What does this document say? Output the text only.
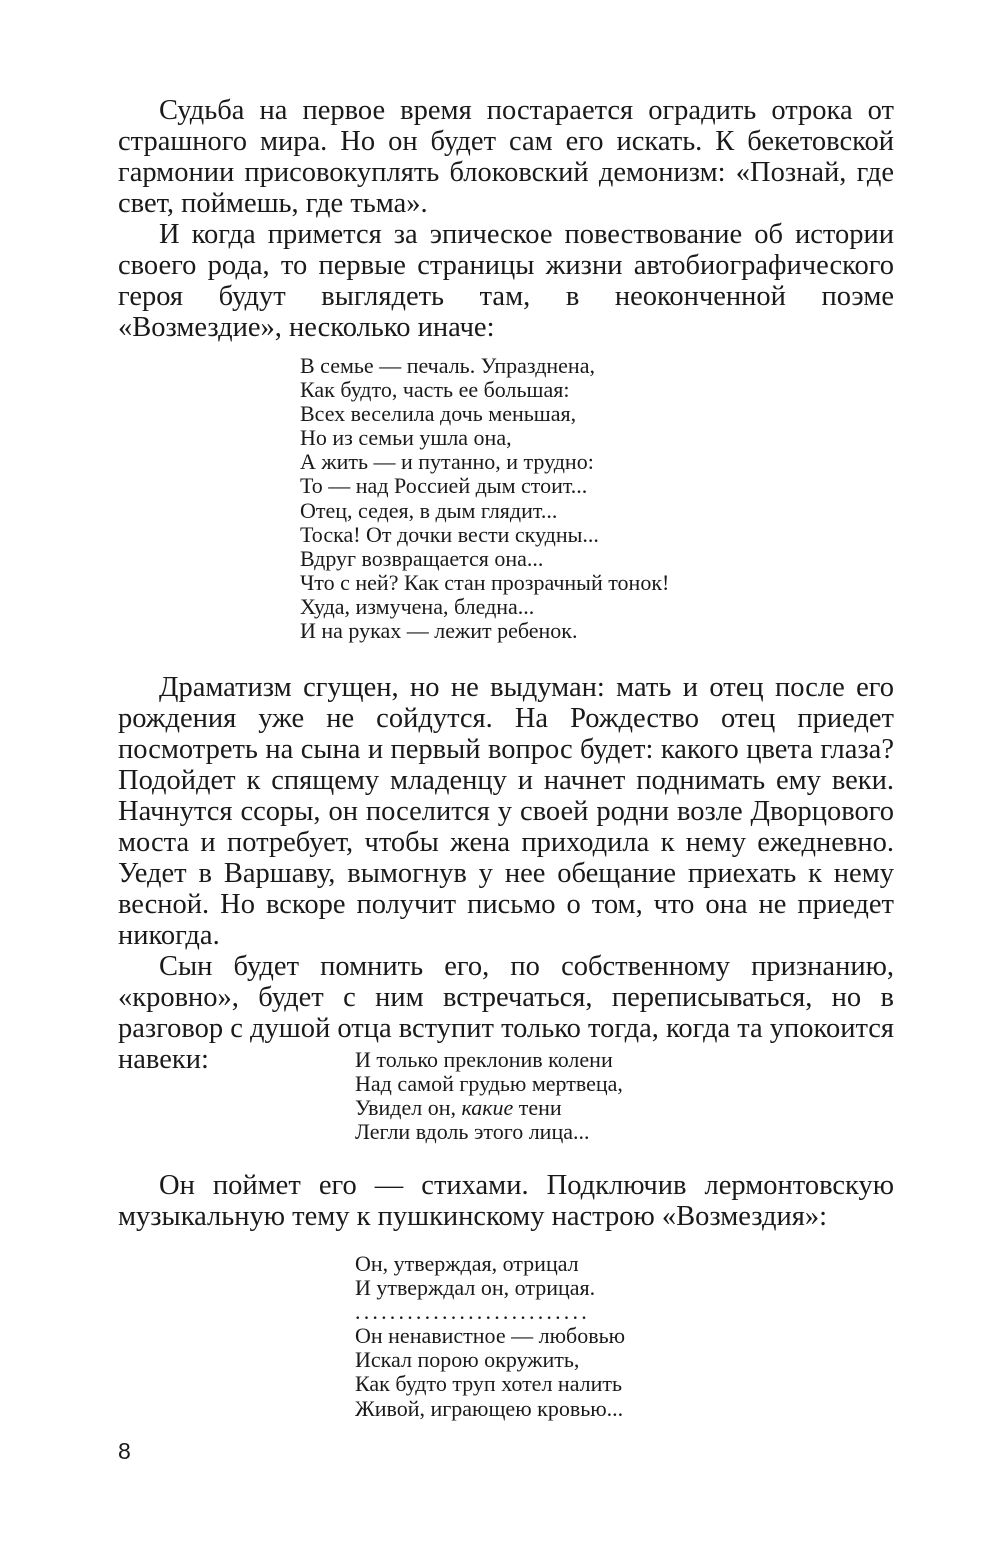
Судьба на первое время постарается оградить отрока от страшного мира. Но он будет сам его искать. К бекетовской гармонии присовокуплять блоковский демонизм: «Познай, где свет, поймешь, где тьма».

И когда примется за эпическое повествование об истории своего рода, то первые страницы жизни автобиографического героя будут выглядеть там, в неоконченной поэме «Возмездие», несколько иначе:

В семье — печаль. Упразднена,
Как будто, часть ее большая:
Всех веселила дочь меньшая,
Но из семьи ушла она,
А жить — и путанно, и трудно:
То — над Россией дым стоит...
Отец, седея, в дым глядит...
Тоска! От дочки вести скудны...
Вдруг возвращается она...
Что с ней? Как стан прозрачный тонок!
Худа, измучена, бледна...
И на руках — лежит ребенок.

Драматизм сгущен, но не выдуман: мать и отец после его рождения уже не сойдутся. На Рождество отец приедет посмотреть на сына и первый вопрос будет: какого цвета глаза? Подойдет к спящему младенцу и начнет поднимать ему веки. Начнутся ссоры, он поселится у своей родни возле Дворцового моста и потребует, чтобы жена приходила к нему ежедневно. Уедет в Варшаву, вымогнув у нее обещание приехать к нему весной. Но вскоре получит письмо о том, что она не приедет никогда.

Сын будет помнить его, по собственному признанию, «кровно», будет с ним встречаться, переписываться, но в разговор с душой отца вступит только тогда, когда та упокоится навеки:	И только преклонив колени
Над самой грудью мертвеца,
Увидел он, какие тени
Легли вдоль этого лица...

Он поймет его — стихами. Подключив лермонтовскую музыкальную тему к пушкинскому настрою «Возмездия»:

Он, утверждая, отрицал
И утверждал он, отрицая.
...........................
Он ненавистное — любовью
Искал порою окружить,
Как будто труп хотел налить
Живой, играющею кровью...
8
